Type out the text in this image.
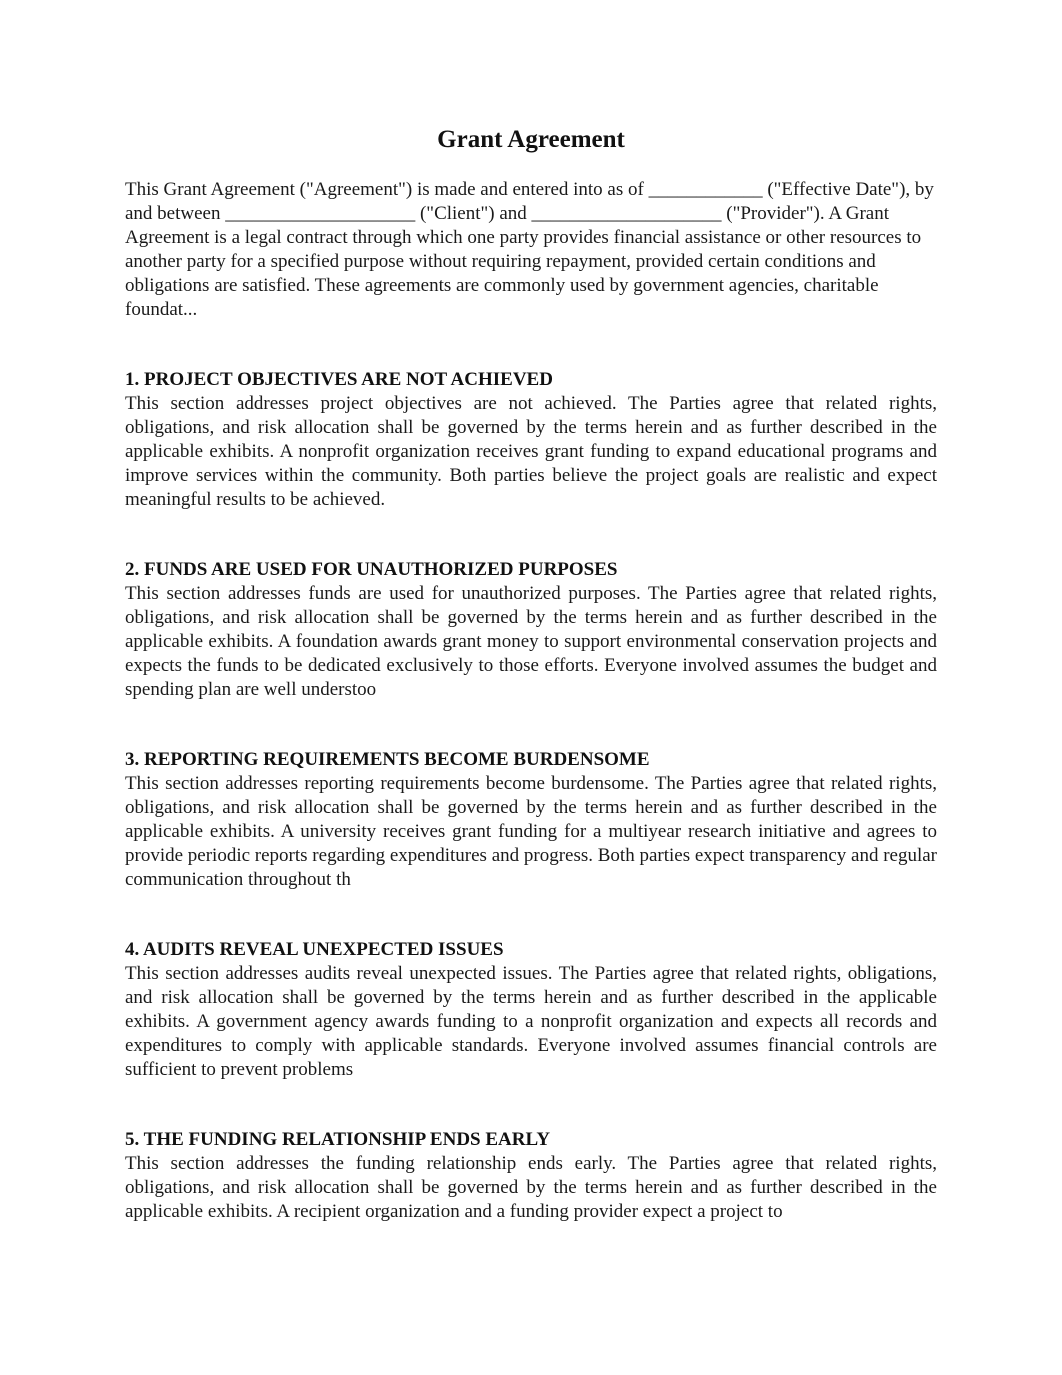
Grant Agreement

This Grant Agreement ("Agreement") is made and entered into as of ____________ ("Effective Date"), by and between ____________________ ("Client") and ____________________ ("Provider"). A Grant Agreement is a legal contract through which one party provides financial assistance or other resources to another party for a specified purpose without requiring repayment, provided certain conditions and obligations are satisfied. These agreements are commonly used by government agencies, charitable foundat...

1. PROJECT OBJECTIVES ARE NOT ACHIEVED

This section addresses project objectives are not achieved. The Parties agree that related rights, obligations, and risk allocation shall be governed by the terms herein and as further described in the applicable exhibits. A nonprofit organization receives grant funding to expand educational programs and improve services within the community. Both parties believe the project goals are realistic and expect meaningful results to be achieved.

2. FUNDS ARE USED FOR UNAUTHORIZED PURPOSES

This section addresses funds are used for unauthorized purposes. The Parties agree that related rights, obligations, and risk allocation shall be governed by the terms herein and as further described in the applicable exhibits. A foundation awards grant money to support environmental conservation projects and expects the funds to be dedicated exclusively to those efforts. Everyone involved assumes the budget and spending plan are well understoo

3. REPORTING REQUIREMENTS BECOME BURDENSOME

This section addresses reporting requirements become burdensome. The Parties agree that related rights, obligations, and risk allocation shall be governed by the terms herein and as further described in the applicable exhibits. A university receives grant funding for a multiyear research initiative and agrees to provide periodic reports regarding expenditures and progress. Both parties expect transparency and regular communication throughout th

4. AUDITS REVEAL UNEXPECTED ISSUES

This section addresses audits reveal unexpected issues. The Parties agree that related rights, obligations, and risk allocation shall be governed by the terms herein and as further described in the applicable exhibits. A government agency awards funding to a nonprofit organization and expects all records and expenditures to comply with applicable standards. Everyone involved assumes financial controls are sufficient to prevent problems

5. THE FUNDING RELATIONSHIP ENDS EARLY

This section addresses the funding relationship ends early. The Parties agree that related rights, obligations, and risk allocation shall be governed by the terms herein and as further described in the applicable exhibits. A recipient organization and a funding provider expect a project to
